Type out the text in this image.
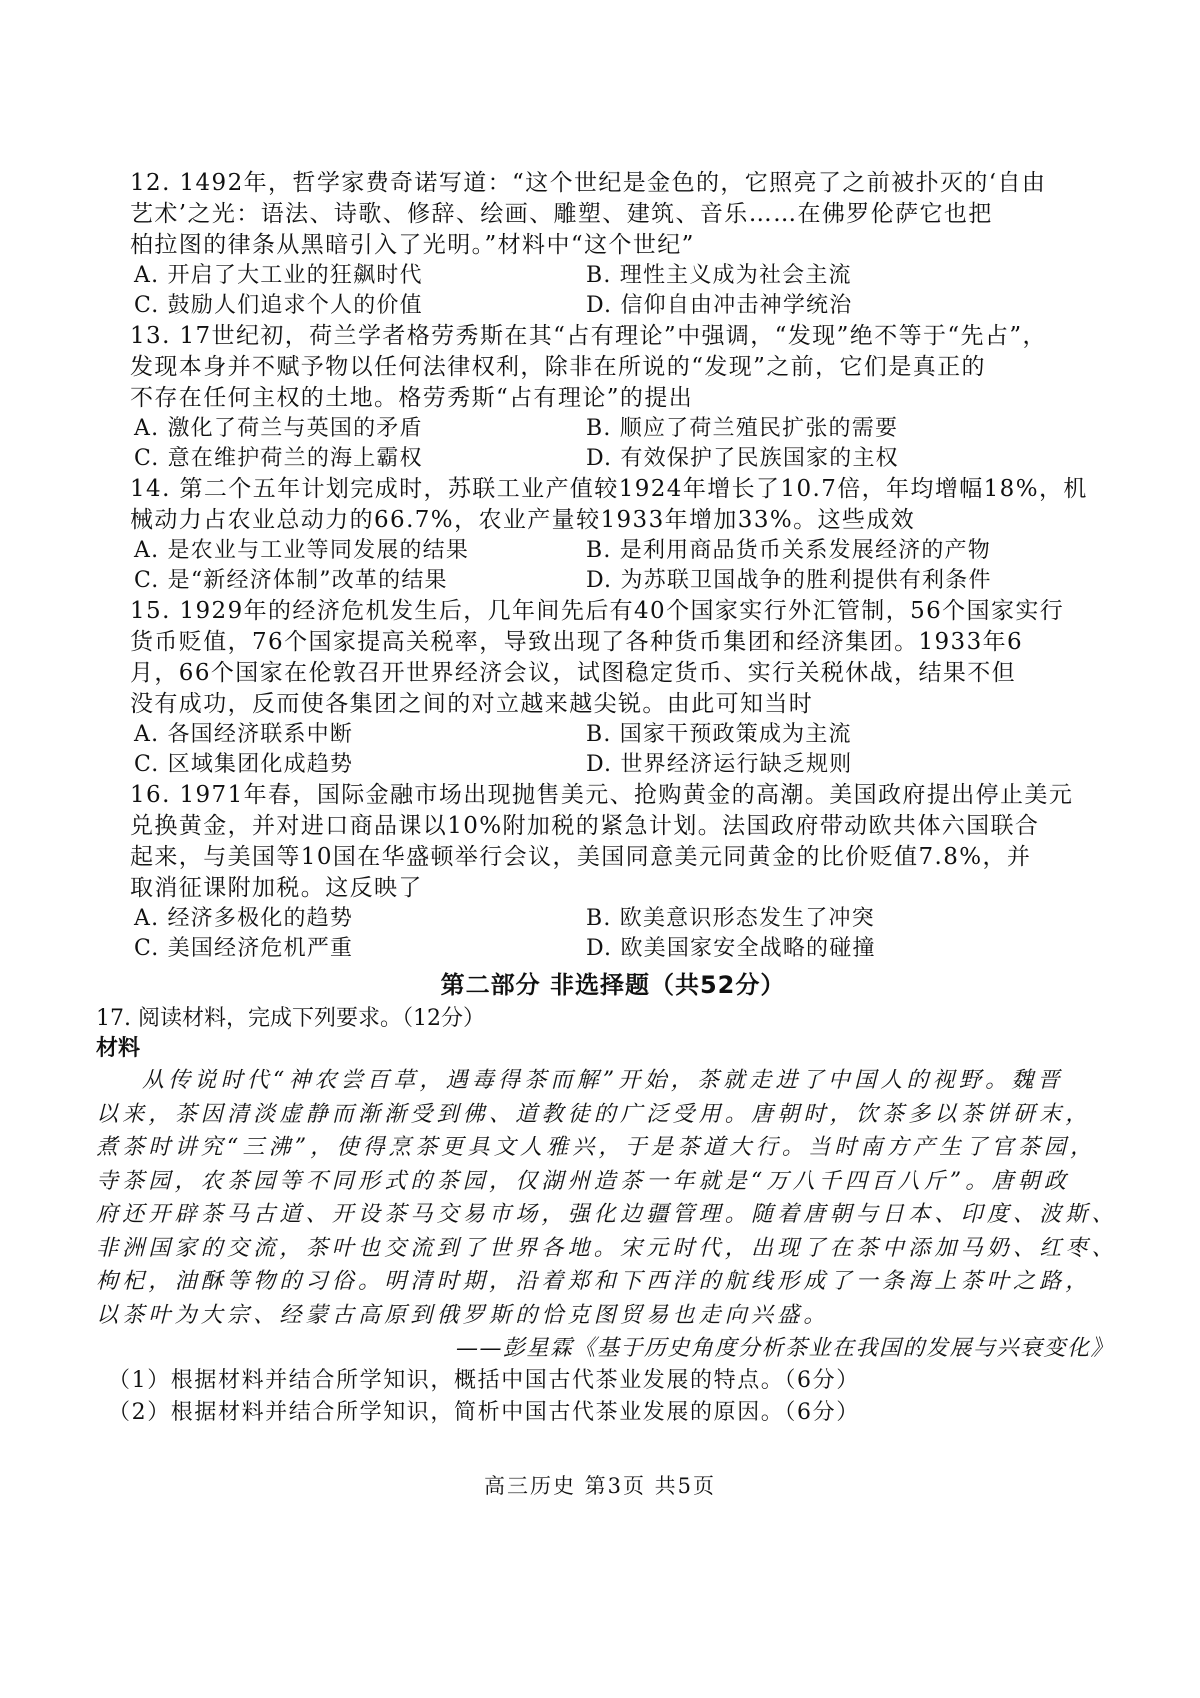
12. 1492年，哲学家费奇诺写道：“这个世纪是金色的，它照亮了之前被扑灭的‘自由
艺术’之光：语法、诗歌、修辞、绘画、雕塑、建筑、音乐……在佛罗伦萨它也把
柏拉图的律条从黑暗引入了光明。”材料中“这个世纪”
A. 开启了大工业的狂飙时代	B. 理性主义成为社会主流
C. 鼓励人们追求个人的价值	D. 信仰自由冲击神学统治
13. 17世纪初，荷兰学者格劳秀斯在其“占有理论”中强调，“发现”绝不等于“先占”，
发现本身并不赋予物以任何法律权利，除非在所说的“发现”之前，它们是真正的
不存在任何主权的土地。格劳秀斯“占有理论”的提出
A. 激化了荷兰与英国的矛盾	B. 顺应了荷兰殖民扩张的需要
C. 意在维护荷兰的海上霸权	D. 有效保护了民族国家的主权
14. 第二个五年计划完成时，苏联工业产值较1924年增长了10.7倍，年均增幅18%，机
械动力占农业总动力的66.7%，农业产量较1933年增加33%。这些成效
A. 是农业与工业等同发展的结果	B. 是利用商品货币关系发展经济的产物
C. 是“新经济体制”改革的结果	D. 为苏联卫国战争的胜利提供有利条件
15. 1929年的经济危机发生后，几年间先后有40个国家实行外汇管制，56个国家实行
货币贬值，76个国家提高关税率，导致出现了各种货币集团和经济集团。1933年6
月，66个国家在伦敦召开世界经济会议，试图稳定货币、实行关税休战，结果不但
没有成功，反而使各集团之间的对立越来越尖锐。由此可知当时
A. 各国经济联系中断	B. 国家干预政策成为主流
C. 区域集团化成趋势	D. 世界经济运行缺乏规则
16. 1971年春，国际金融市场出现抛售美元、抢购黄金的高潮。美国政府提出停止美元
兑换黄金，并对进口商品课以10%附加税的紧急计划。法国政府带动欧共体六国联合
起来，与美国等10国在华盛顿举行会议，美国同意美元同黄金的比价贬值7.8%，并
取消征课附加税。这反映了
A. 经济多极化的趋势	B. 欧美意识形态发生了冲突
C. 美国经济危机严重	D. 欧美国家安全战略的碰撞
第二部分 非选择题（共52分）
17. 阅读材料，完成下列要求。（12分）
材料
从传说时代“神农尝百草，遇毒得茶而解”开始，茶就走进了中国人的视野。魏晋
以来，茶因清淡虚静而渐渐受到佛、道教徒的广泛受用。唐朝时，饮茶多以茶饼研末，
煮茶时讲究“三沸”，使得烹茶更具文人雅兴，于是茶道大行。当时南方产生了官茶园，
寺茶园，农茶园等不同形式的茶园，仅湖州造茶一年就是“万八千四百八斤”。唐朝政
府还开辟茶马古道、开设茶马交易市场，强化边疆管理。随着唐朝与日本、印度、波斯、
非洲国家的交流，茶叶也交流到了世界各地。宋元时代，出现了在茶中添加马奶、红枣、
枸杞，油酥等物的习俗。明清时期，沿着郑和下西洋的航线形成了一条海上茶叶之路，
以茶叶为大宗、经蒙古高原到俄罗斯的恰克图贸易也走向兴盛。
——彭星霖《基于历史角度分析茶业在我国的发展与兴衰变化》
（1）根据材料并结合所学知识，概括中国古代茶业发展的特点。（6分）
（2）根据材料并结合所学知识，简析中国古代茶业发展的原因。（6分）
高三历史 第3页 共5页
